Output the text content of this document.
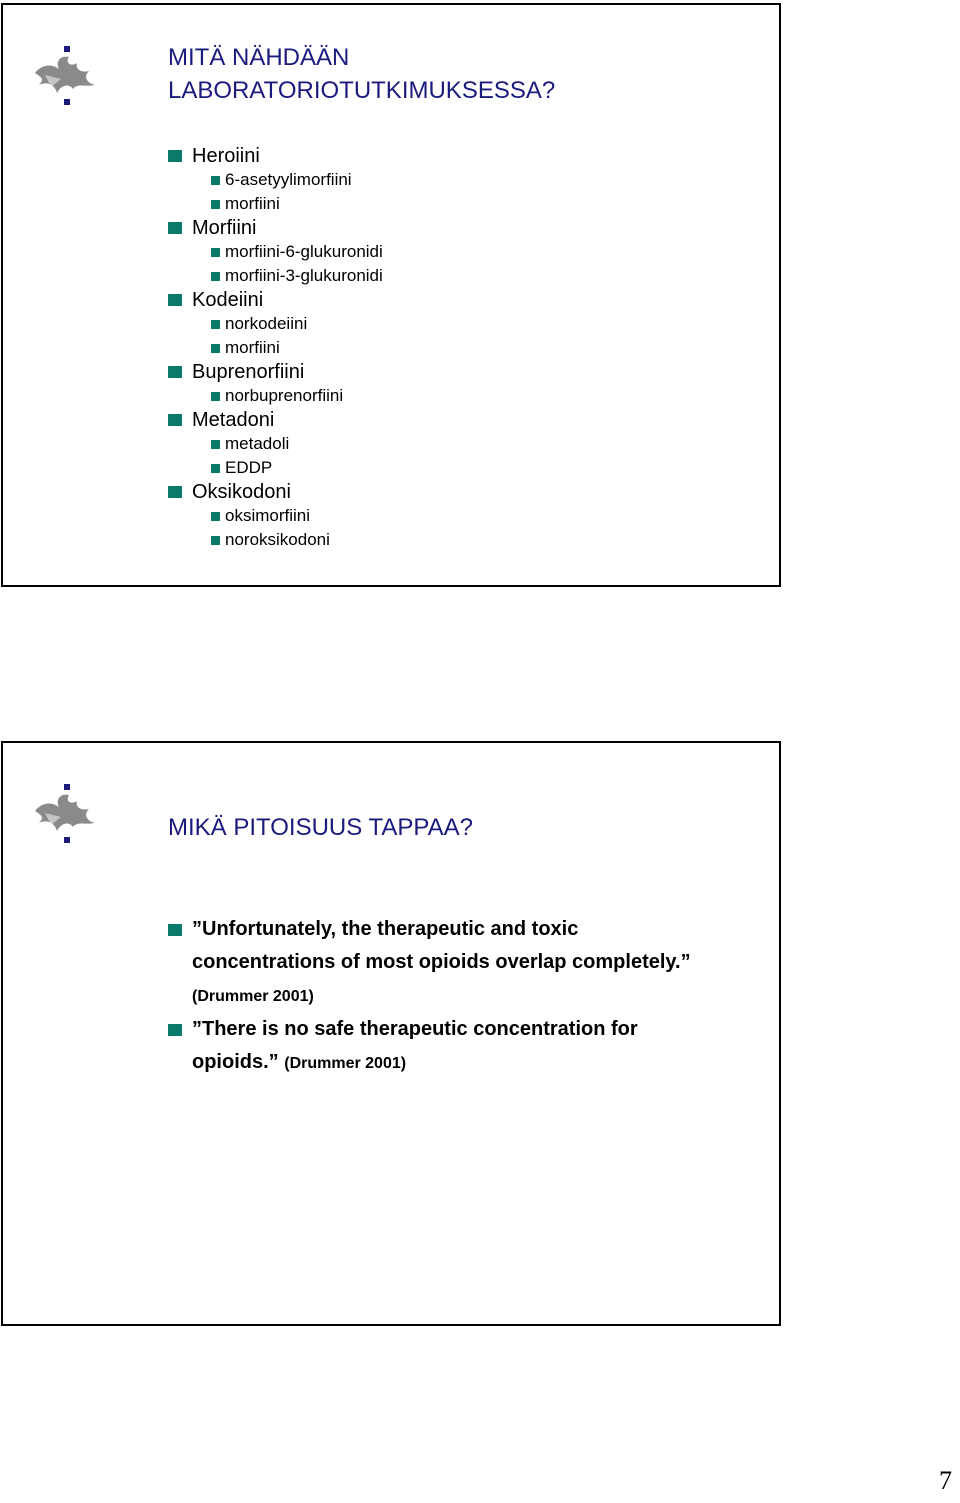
MITÄ NÄHDÄÄN
LABORATORIOTUTKIMUKSESSA?
Heroiini
6-asetyylimorfiini
morfiini
Morfiini
morfiini-6-glukuronidi
morfiini-3-glukuronidi
Kodeiini
norkodeiini
morfiini
Buprenorfiini
norbuprenorfiini
Metadoni
metadoli
EDDP
Oksikodoni
oksimorfiini
noroksikodoni
MIKÄ PITOISUUS TAPPAA?
”Unfortunately, the therapeutic and toxic
concentrations of most opioids overlap completely.”
(Drummer 2001)
”There is no safe therapeutic concentration for
opioids.” (Drummer 2001)
7
